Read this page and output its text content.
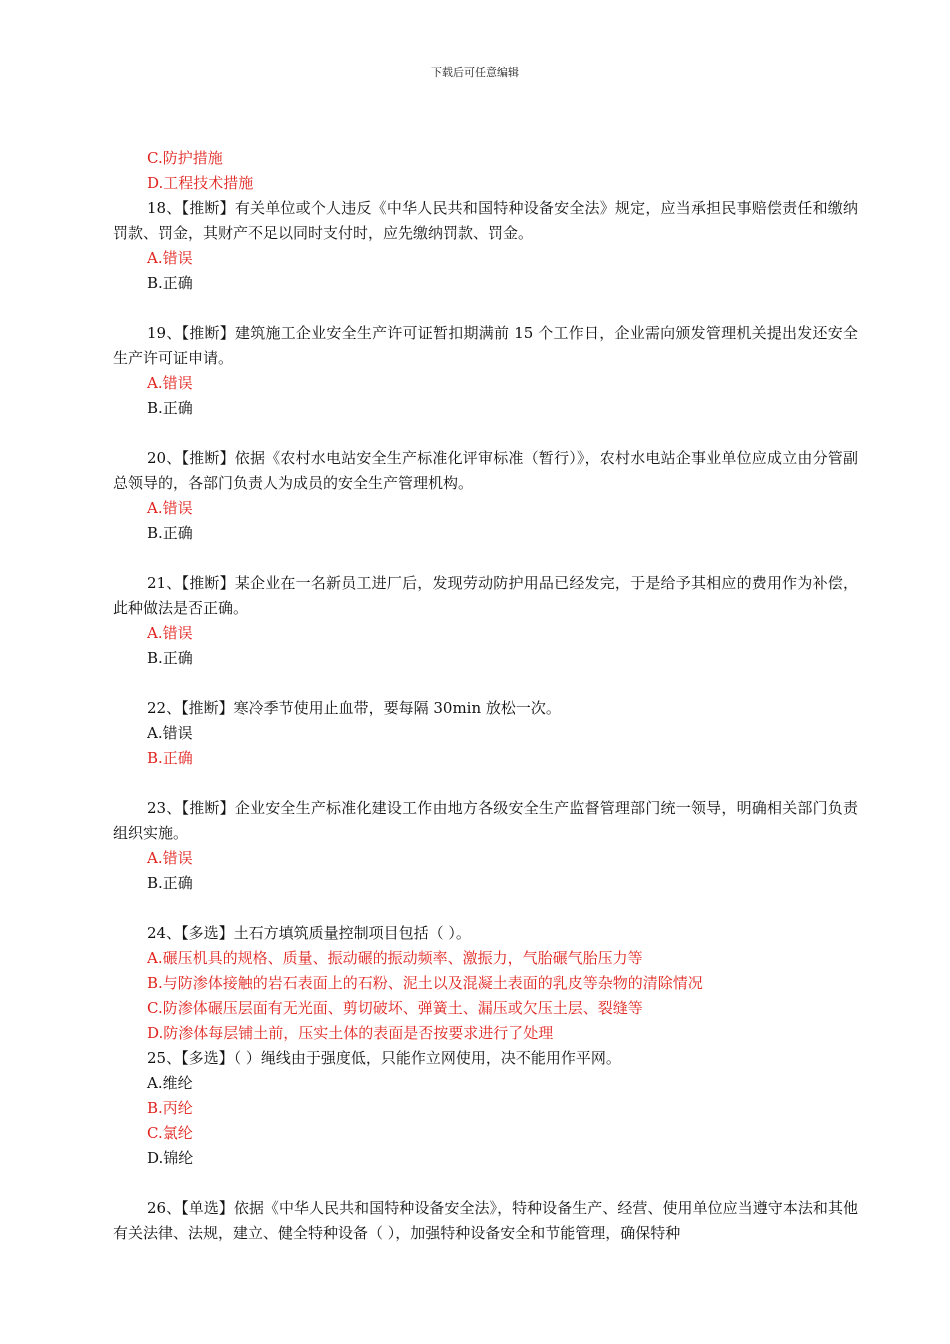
下载后可任意编辑
C.防护措施
D.工程技术措施
18、【推断】有关单位或个人违反《中华人民共和国特种设备安全法》规定，应当承担民事赔偿责任和缴纳罚款、罚金，其财产不足以同时支付时，应先缴纳罚款、罚金。
A.错误
B.正确
19、【推断】建筑施工企业安全生产许可证暂扣期满前 15 个工作日，企业需向颁发管理机关提出发还安全生产许可证申请。
A.错误
B.正确
20、【推断】依据《农村水电站安全生产标准化评审标准（暂行）》，农村水电站企事业单位应成立由分管副总领导的，各部门负责人为成员的安全生产管理机构。
A.错误
B.正确
21、【推断】某企业在一名新员工进厂后，发现劳动防护用品已经发完，于是给予其相应的费用作为补偿，此种做法是否正确。
A.错误
B.正确
22、【推断】寒冷季节使用止血带，要每隔 30min 放松一次。
A.错误
B.正确
23、【推断】企业安全生产标准化建设工作由地方各级安全生产监督管理部门统一领导，明确相关部门负责组织实施。
A.错误
B.正确
24、【多选】土石方填筑质量控制项目包括（ ）。
A.碾压机具的规格、质量、振动碾的振动频率、激振力，气胎碾气胎压力等
B.与防渗体接触的岩石表面上的石粉、泥土以及混凝土表面的乳皮等杂物的清除情况
C.防渗体碾压层面有无光面、剪切破坏、弹簧土、漏压或欠压土层、裂缝等
D.防渗体每层铺土前，压实土体的表面是否按要求进行了处理
25、【多选】（ ）绳线由于强度低，只能作立网使用，决不能用作平网。
A.维纶
B.丙纶
C.氯纶
D.锦纶
26、【单选】依据《中华人民共和国特种设备安全法》，特种设备生产、经营、使用单位应当遵守本法和其他有关法律、法规，建立、健全特种设备（ ），加强特种设备安全和节能管理，确保特种
